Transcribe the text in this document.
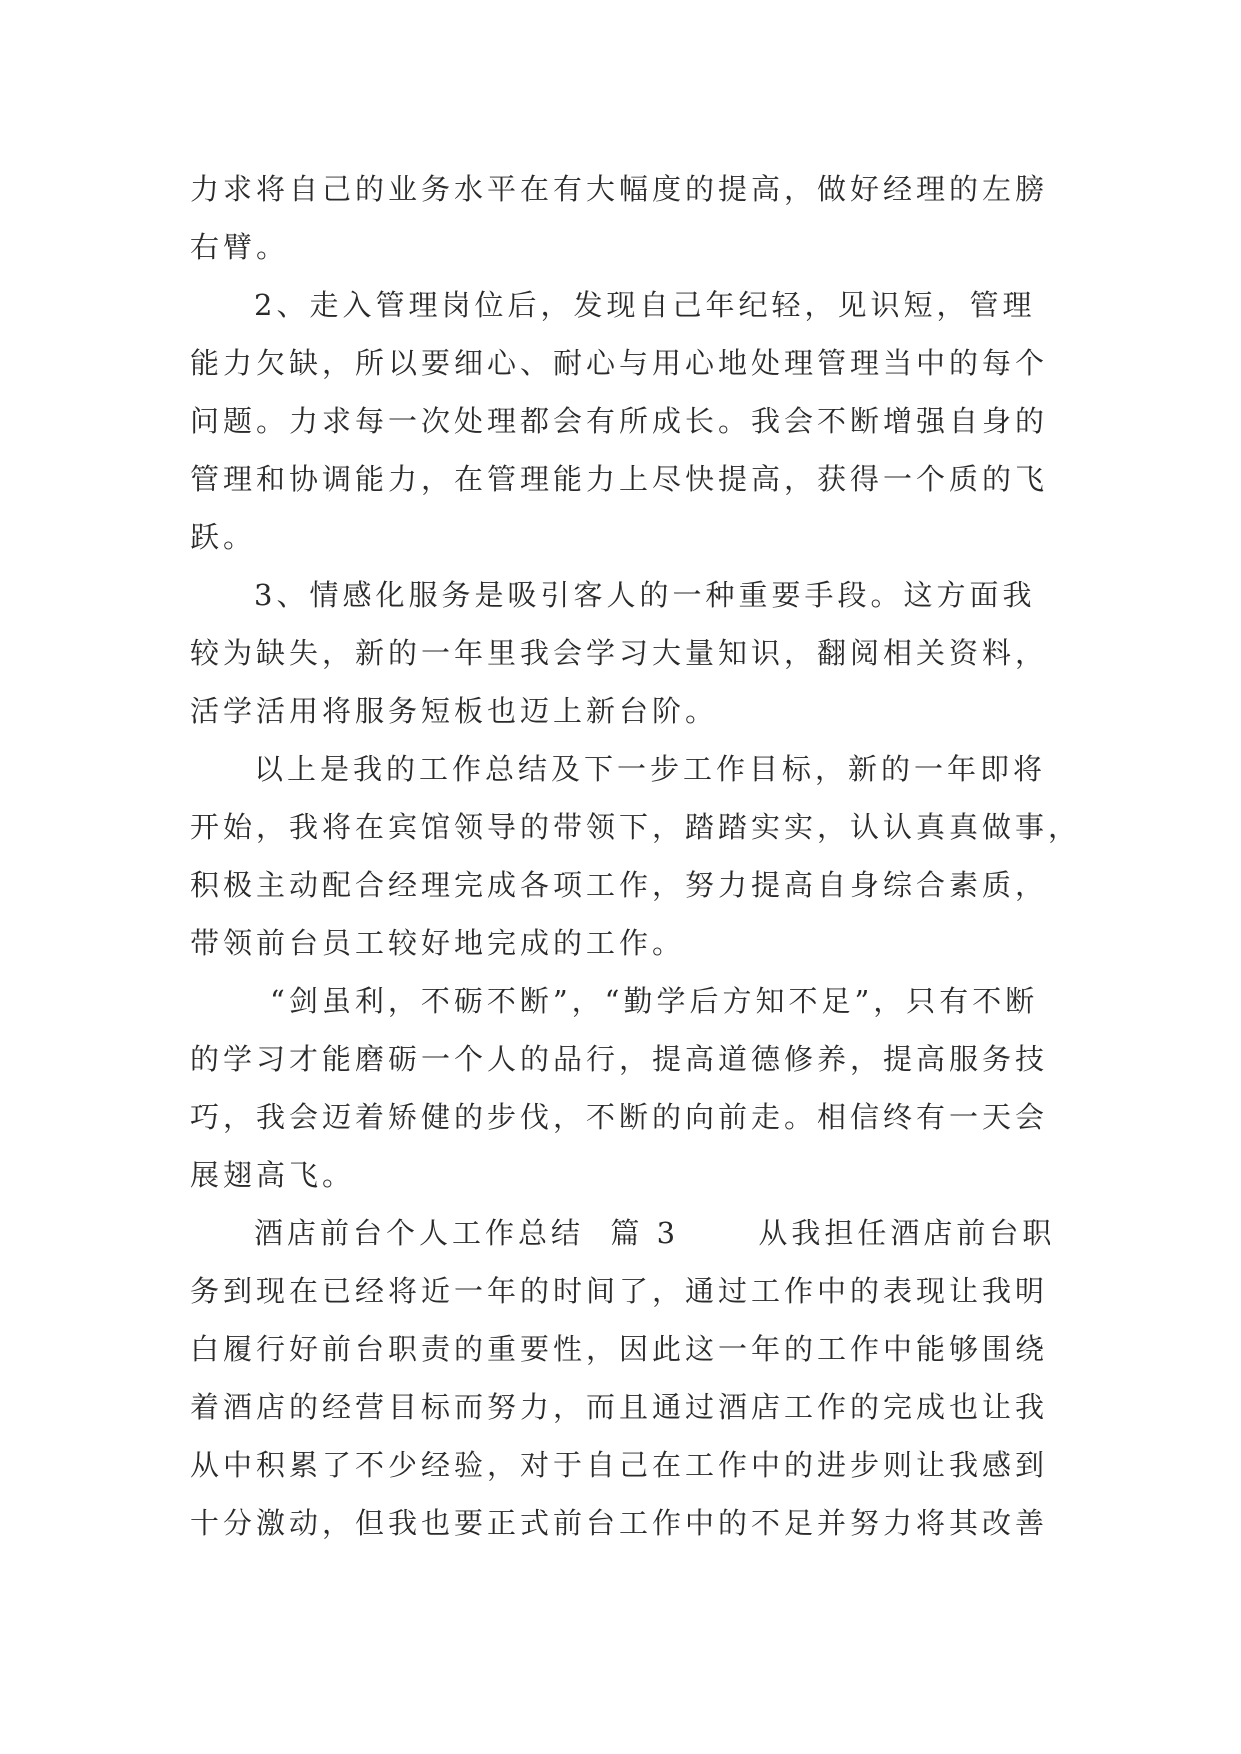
力求将自己的业务水平在有大幅度的提高，做好经理的左膀
右臂。
2、走入管理岗位后，发现自己年纪轻，见识短，管理
能力欠缺，所以要细心、耐心与用心地处理管理当中的每个
问题。力求每一次处理都会有所成长。我会不断增强自身的
管理和协调能力，在管理能力上尽快提高，获得一个质的飞
跃。
3、情感化服务是吸引客人的一种重要手段。这方面我
较为缺失，新的一年里我会学习大量知识，翻阅相关资料，
活学活用将服务短板也迈上新台阶。
以上是我的工作总结及下一步工作目标，新的一年即将
开始，我将在宾馆领导的带领下，踏踏实实，认认真真做事，
积极主动配合经理完成各项工作，努力提高自身综合素质，
带领前台员工较好地完成的工作。
“剑虽利，不砺不断”，“勤学后方知不足”，只有不断
的学习才能磨砺一个人的品行，提高道德修养，提高服务技
巧，我会迈着矫健的步伐，不断的向前走。相信终有一天会
展翅高飞。
酒店前台个人工作总结  篇 3      从我担任酒店前台职
务到现在已经将近一年的时间了，通过工作中的表现让我明
白履行好前台职责的重要性，因此这一年的工作中能够围绕
着酒店的经营目标而努力，而且通过酒店工作的完成也让我
从中积累了不少经验，对于自己在工作中的进步则让我感到
十分激动，但我也要正式前台工作中的不足并努力将其改善
